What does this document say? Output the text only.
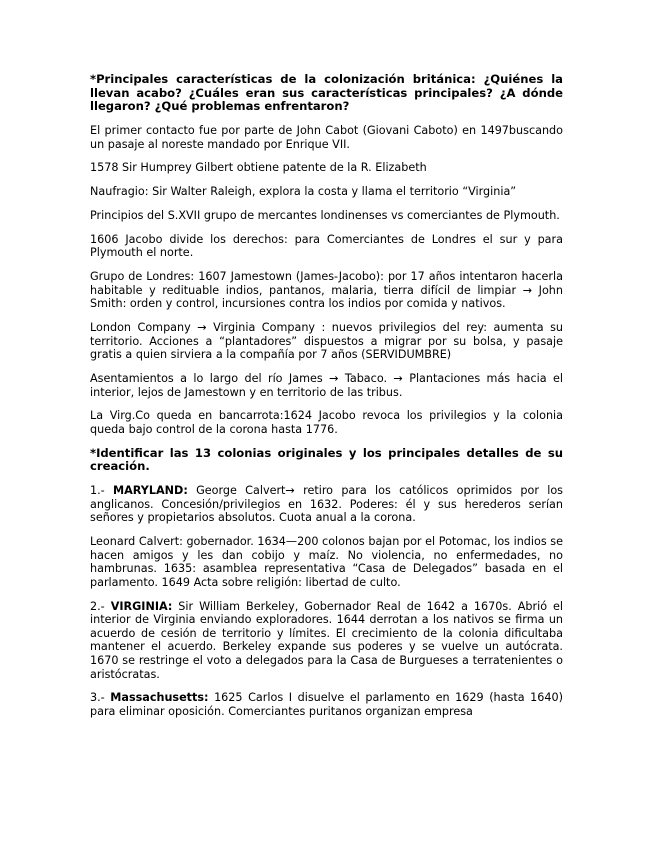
*Principales características de la colonización británica: ¿Quiénes la llevan acabo? ¿Cuáles eran sus características principales? ¿A dónde llegaron? ¿Qué problemas enfrentaron?

El primer contacto fue por parte de John Cabot (Giovani Caboto) en 1497buscando un pasaje al noreste mandado por Enrique VII.

1578 Sir Humprey Gilbert obtiene patente de la R. Elizabeth

Naufragio: Sir Walter Raleigh, explora la costa y llama el territorio “Virginia”

Principios del S.XVII grupo de mercantes londinenses vs comerciantes de Plymouth.

1606 Jacobo divide los derechos: para Comerciantes de Londres el sur y para Plymouth el norte.

Grupo de Londres: 1607 Jamestown (James-Jacobo): por 17 años intentaron hacerla habitable y redituable indios, pantanos, malaria, tierra difícil de limpiar → John Smith: orden y control, incursiones contra los indios por comida y nativos.

London Company → Virginia Company : nuevos privilegios del rey: aumenta su territorio. Acciones a “plantadores” dispuestos a migrar por su bolsa, y pasaje gratis a quien sirviera a la compañía por 7 años (SERVIDUMBRE)

Asentamientos a lo largo del río James → Tabaco. → Plantaciones más hacia el interior, lejos de Jamestown y en territorio de las tribus.

La Virg.Co queda en bancarrota:1624 Jacobo revoca los privilegios y la colonia queda bajo control de la corona hasta 1776.

*Identificar las 13 colonias originales y los principales detalles de su creación.

1.- MARYLAND: George Calvert→ retiro para los católicos oprimidos por los anglicanos. Concesión/privilegios en 1632. Poderes: él y sus herederos serían señores y propietarios absolutos. Cuota anual a la corona.

Leonard Calvert: gobernador. 1634—200 colonos bajan por el Potomac, los indios se hacen amigos y les dan cobijo y maíz. No violencia, no enfermedades, no hambrunas. 1635: asamblea representativa “Casa de Delegados” basada en el parlamento. 1649 Acta sobre religión: libertad de culto.

2.- VIRGINIA: Sir William Berkeley, Gobernador Real de 1642 a 1670s. Abrió el interior de Virginia enviando exploradores. 1644 derrotan a los nativos se firma un acuerdo de cesión de territorio y límites. El crecimiento de la colonia dificultaba mantener el acuerdo. Berkeley expande sus poderes y se vuelve un autócrata. 1670 se restringe el voto a delegados para la Casa de Burgueses a terratenientes o aristócratas.

3.- Massachusetts: 1625 Carlos I disuelve el parlamento en 1629 (hasta 1640) para eliminar oposición. Comerciantes puritanos organizan empresa
